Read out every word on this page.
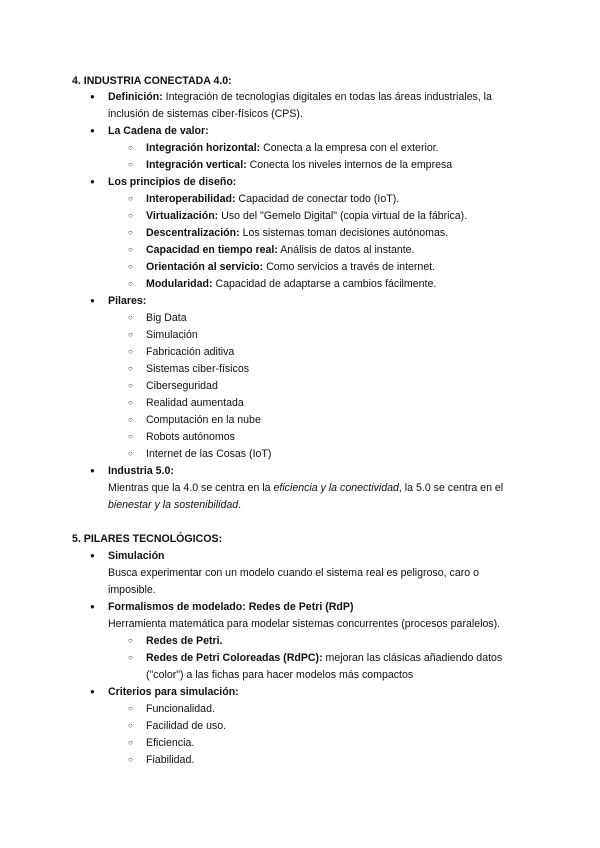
4. INDUSTRIA CONECTADA 4.0:
● Definición: Integración de tecnologías digitales en todas las áreas industriales, la
inclusión de sistemas ciber-físicos (CPS).
● La Cadena de valor:
○ Integración horizontal: Conecta a la empresa con el exterior.
○ Integración vertical: Conecta los niveles internos de la empresa
● Los principios de diseño:
○ Interoperabilidad: Capacidad de conectar todo (IoT).
○ Virtualización: Uso del "Gemelo Digital" (copia virtual de la fábrica).
○ Descentralización: Los sistemas toman decisiones autónomas.
○ Capacidad en tiempo real: Análisis de datos al instante.
○ Orientación al servicio: Como servicios a través de internet.
○ Modularidad: Capacidad de adaptarse a cambios fácilmente.
● Pilares:
○ Big Data
○ Simulación
○ Fabricación aditiva
○ Sistemas ciber-físicos
○ Ciberseguridad
○ Realidad aumentada
○ Computación en la nube
○ Robots autónomos
○ Internet de las Cosas (IoT)
● Industria 5.0:
Mientras que la 4.0 se centra en la eficiencia y la conectividad, la 5.0 se centra en el
bienestar y la sostenibilidad.
5. PILARES TECNOLÓGICOS:
● Simulación
Busca experimentar con un modelo cuando el sistema real es peligroso, caro o
imposible.
● Formalismos de modelado: Redes de Petri (RdP)
Herramienta matemática para modelar sistemas concurrentes (procesos paralelos).
○ Redes de Petri.
○ Redes de Petri Coloreadas (RdPC): mejoran las clásicas añadiendo datos
("color") a las fichas para hacer modelos más compactos
● Criterios para simulación:
○ Funcionalidad.
○ Facilidad de uso.
○ Eficiencia.
○ Fiabilidad.
